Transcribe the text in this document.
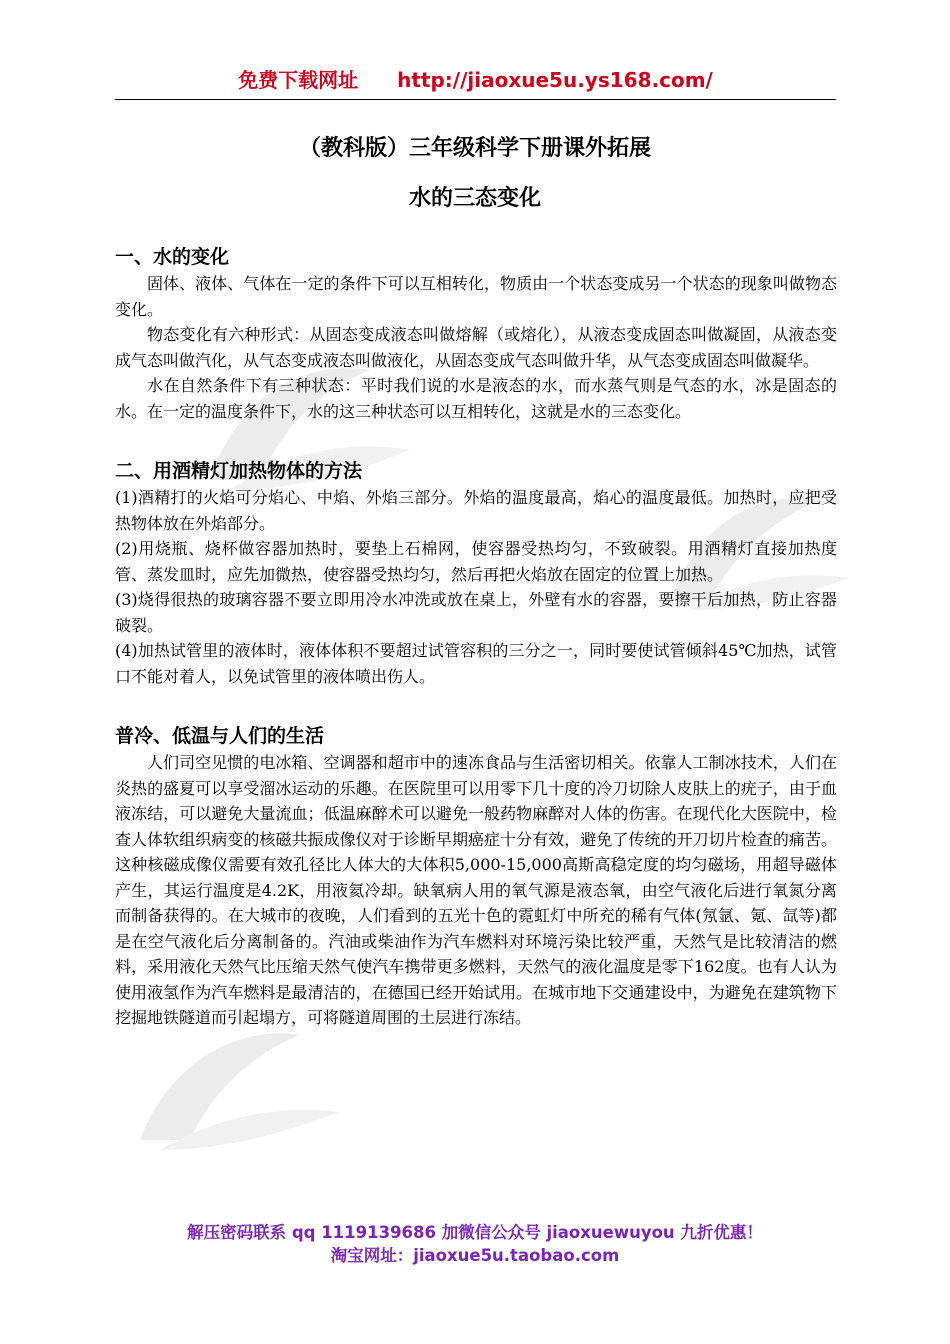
免费下载网址 http://jiaoxue5u.ys168.com/
（教科版）三年级科学下册课外拓展
水的三态变化
一、水的变化

固体、液体、气体在一定的条件下可以互相转化，物质由一个状态变成另一个状态的现象叫做物态变化。

物态变化有六种形式：从固态变成液态叫做熔解（或熔化），从液态变成固态叫做凝固，从液态变成气态叫做汽化，从气态变成液态叫做液化，从固态变成气态叫做升华，从气态变成固态叫做凝华。

水在自然条件下有三种状态：平时我们说的水是液态的水，而水蒸气则是气态的水，冰是固态的水。在一定的温度条件下，水的这三种状态可以互相转化，这就是水的三态变化。

二、用酒精灯加热物体的方法

(1)酒精打的火焰可分焰心、中焰、外焰三部分。外焰的温度最高，焰心的温度最低。加热时，应把受热物体放在外焰部分。

(2)用烧瓶、烧杯做容器加热时，要垫上石棉网，使容器受热均匀，不致破裂。用酒精灯直接加热度管、蒸发皿时，应先加微热，使容器受热均匀，然后再把火焰放在固定的位置上加热。

(3)烧得很热的玻璃容器不要立即用冷水冲洗或放在桌上，外壁有水的容器，要擦干后加热，防止容器破裂。

(4)加热试管里的液体时，液体体积不要超过试管容积的三分之一，同时要使试管倾斜45℃加热，试管口不能对着人，以免试管里的液体喷出伤人。

普冷、低温与人们的生活

人们司空见惯的电冰箱、空调器和超市中的速冻食品与生活密切相关。依靠人工制冰技术，人们在炎热的盛夏可以享受溜冰运动的乐趣。在医院里可以用零下几十度的冷刀切除人皮肤上的疣子，由于血液冻结，可以避免大量流血；低温麻醉术可以避免一般药物麻醉对人体的伤害。在现代化大医院中，检查人体软组织病变的核磁共振成像仪对于诊断早期癌症十分有效，避免了传统的开刀切片检查的痛苦。这种核磁成像仪需要有效孔径比人体大的大体积5,000-15,000高斯高稳定度的均匀磁场，用超导磁体产生，其运行温度是4.2K，用液氦冷却。缺氧病人用的氧气源是液态氧，由空气液化后进行氧氮分离而制备获得的。在大城市的夜晚，人们看到的五光十色的霓虹灯中所充的稀有气体(氖氩、氪、氙等)都是在空气液化后分离制备的。汽油或柴油作为汽车燃料对环境污染比较严重，天然气是比较清洁的燃料，采用液化天然气比压缩天然气使汽车携带更多燃料，天然气的液化温度是零下162度。也有人认为使用液氢作为汽车燃料是最清洁的，在德国已经开始试用。在城市地下交通建设中，为避免在建筑物下挖掘地铁隧道而引起塌方，可将隧道周围的土层进行冻结。

解压密码联系 qq 1119139686 加微信公众号 jiaoxuewuyou 九折优惠！
淘宝网址：jiaoxue5u.taobao.com
